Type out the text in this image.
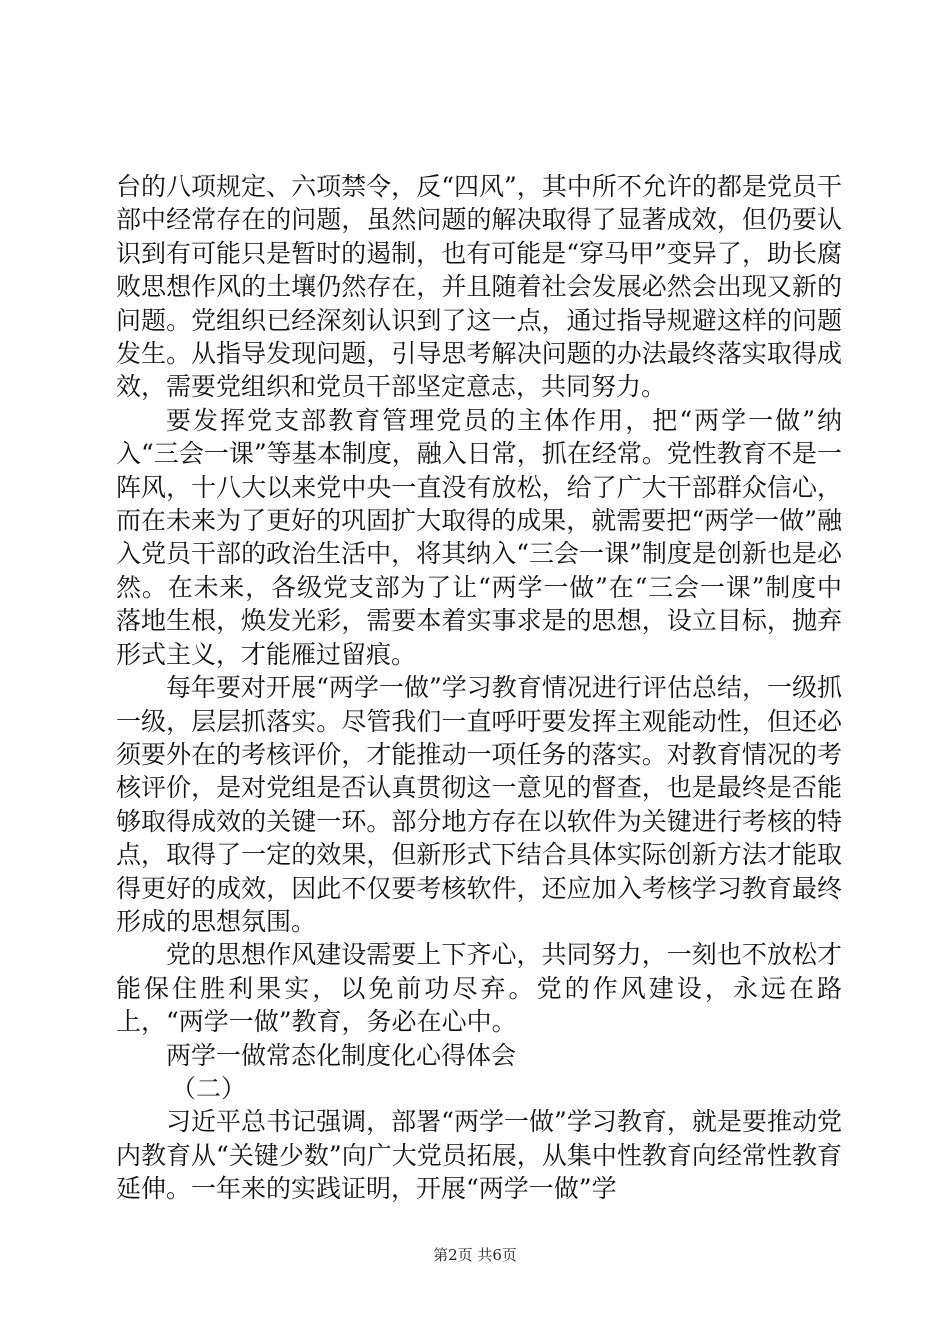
台的八项规定、六项禁令，反“四风”，其中所不允许的都是党员干部中经常存在的问题，虽然问题的解决取得了显著成效，但仍要认识到有可能只是暂时的遏制，也有可能是“穿马甲”变异了，助长腐败思想作风的土壤仍然存在，并且随着社会发展必然会出现又新的问题。党组织已经深刻认识到了这一点，通过指导规避这样的问题发生。从指导发现问题，引导思考解决问题的办法最终落实取得成效，需要党组织和党员干部坚定意志，共同努力。

要发挥党支部教育管理党员的主体作用，把“两学一做”纳入“三会一课”等基本制度，融入日常，抓在经常。党性教育不是一阵风，十八大以来党中央一直没有放松，给了广大干部群众信心，而在未来为了更好的巩固扩大取得的成果，就需要把“两学一做”融入党员干部的政治生活中，将其纳入“三会一课”制度是创新也是必然。在未来，各级党支部为了让“两学一做”在“三会一课”制度中落地生根，焕发光彩，需要本着实事求是的思想，设立目标，抛弃形式主义，才能雁过留痕。

每年要对开展“两学一做”学习教育情况进行评估总结，一级抓一级，层层抓落实。尽管我们一直呼吁要发挥主观能动性，但还必须要外在的考核评价，才能推动一项任务的落实。对教育情况的考核评价，是对党组是否认真贯彻这一意见的督查，也是最终是否能够取得成效的关键一环。部分地方存在以软件为关键进行考核的特点，取得了一定的效果，但新形式下结合具体实际创新方法才能取得更好的成效，因此不仅要考核软件，还应加入考核学习教育最终形成的思想氛围。

党的思想作风建设需要上下齐心，共同努力，一刻也不放松才能保住胜利果实，以免前功尽弃。党的作风建设，永远在路上，“两学一做”教育，务必在心中。

两学一做常态化制度化心得体会

（二）

习近平总书记强调，部署“两学一做”学习教育，就是要推动党内教育从“关键少数”向广大党员拓展，从集中性教育向经常性教育延伸。一年来的实践证明，开展“两学一做”学

第2页 共6页
